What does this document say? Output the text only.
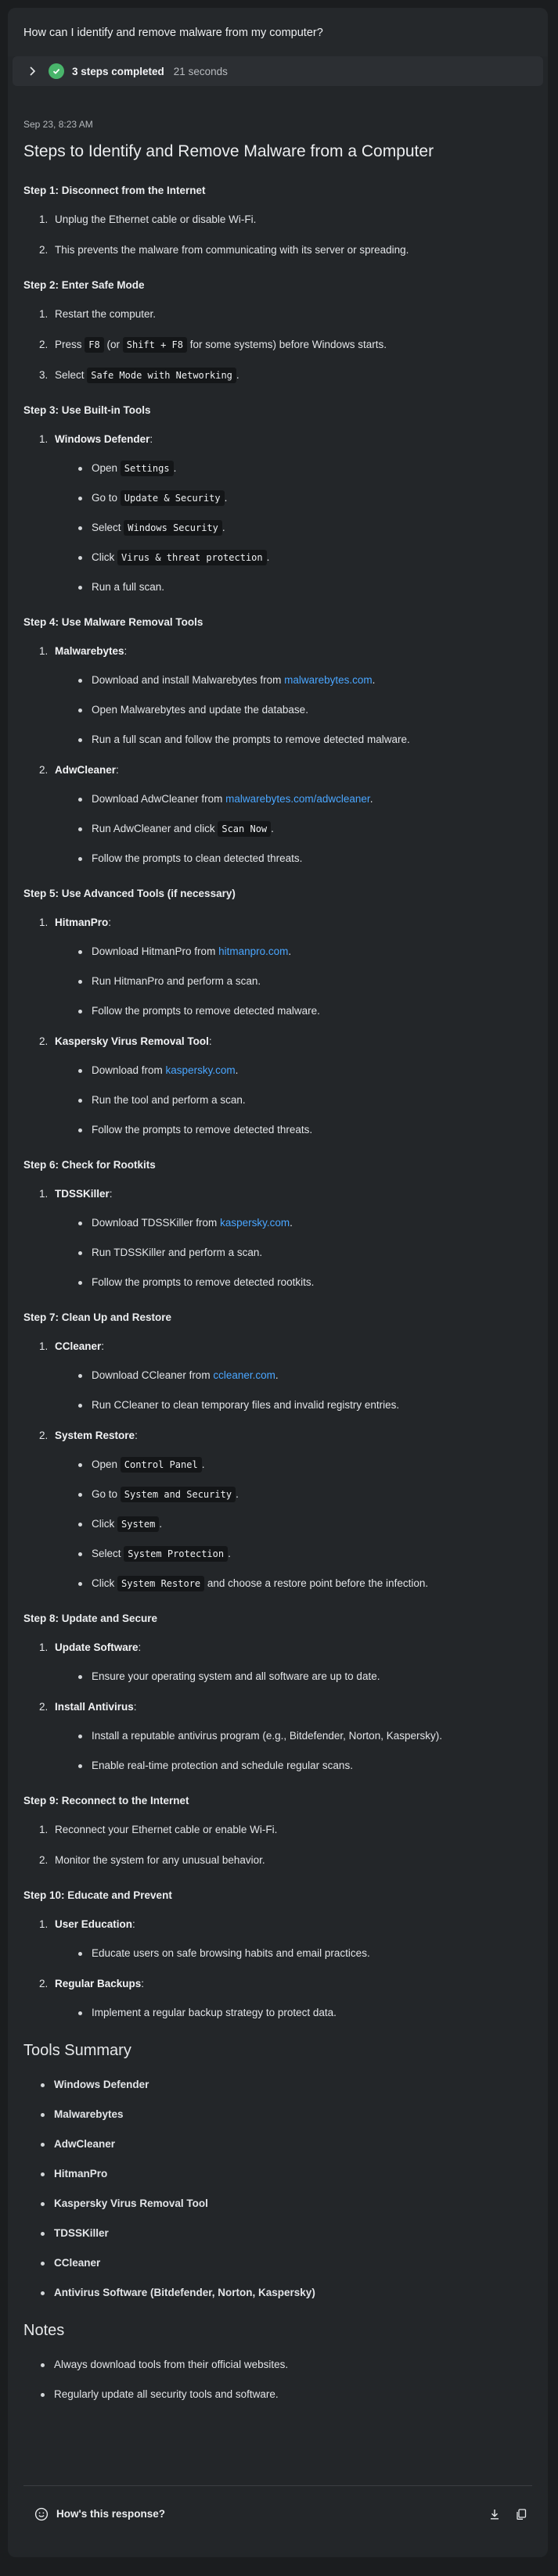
How can I identify and remove malware from my computer?
3 steps completed 21 seconds
Sep 23, 8:23 AM
Steps to Identify and Remove Malware from a Computer
Step 1: Disconnect from the Internet
1. Unplug the Ethernet cable or disable Wi-Fi.
2. This prevents the malware from communicating with its server or spreading.
Step 2: Enter Safe Mode
1. Restart the computer.
2. Press F8 (or Shift + F8 for some systems) before Windows starts.
3. Select Safe Mode with Networking .
Step 3: Use Built-in Tools
1. Windows Defender:
Open Settings .
Go to Update & Security .
Select Windows Security .
Click Virus & threat protection .
Run a full scan.
Step 4: Use Malware Removal Tools
1. Malwarebytes:
Download and install Malwarebytes from malwarebytes.com.
Open Malwarebytes and update the database.
Run a full scan and follow the prompts to remove detected malware.
2. AdwCleaner:
Download AdwCleaner from malwarebytes.com/adwcleaner.
Run AdwCleaner and click Scan Now .
Follow the prompts to clean detected threats.
Step 5: Use Advanced Tools (if necessary)
1. HitmanPro:
Download HitmanPro from hitmanpro.com.
Run HitmanPro and perform a scan.
Follow the prompts to remove detected malware.
2. Kaspersky Virus Removal Tool:
Download from kaspersky.com.
Run the tool and perform a scan.
Follow the prompts to remove detected threats.
Step 6: Check for Rootkits
1. TDSSKiller:
Download TDSSKiller from kaspersky.com.
Run TDSSKiller and perform a scan.
Follow the prompts to remove detected rootkits.
Step 7: Clean Up and Restore
1. CCleaner:
Download CCleaner from ccleaner.com.
Run CCleaner to clean temporary files and invalid registry entries.
2. System Restore:
Open Control Panel .
Go to System and Security .
Click System .
Select System Protection .
Click System Restore and choose a restore point before the infection.
Step 8: Update and Secure
1. Update Software:
Ensure your operating system and all software are up to date.
2. Install Antivirus:
Install a reputable antivirus program (e.g., Bitdefender, Norton, Kaspersky).
Enable real-time protection and schedule regular scans.
Step 9: Reconnect to the Internet
1. Reconnect your Ethernet cable or enable Wi-Fi.
2. Monitor the system for any unusual behavior.
Step 10: Educate and Prevent
1. User Education:
Educate users on safe browsing habits and email practices.
2. Regular Backups:
Implement a regular backup strategy to protect data.
Tools Summary
Windows Defender
Malwarebytes
AdwCleaner
HitmanPro
Kaspersky Virus Removal Tool
TDSSKiller
CCleaner
Antivirus Software (Bitdefender, Norton, Kaspersky)
Notes
Always download tools from their official websites.
Regularly update all security tools and software.
How's this response?
